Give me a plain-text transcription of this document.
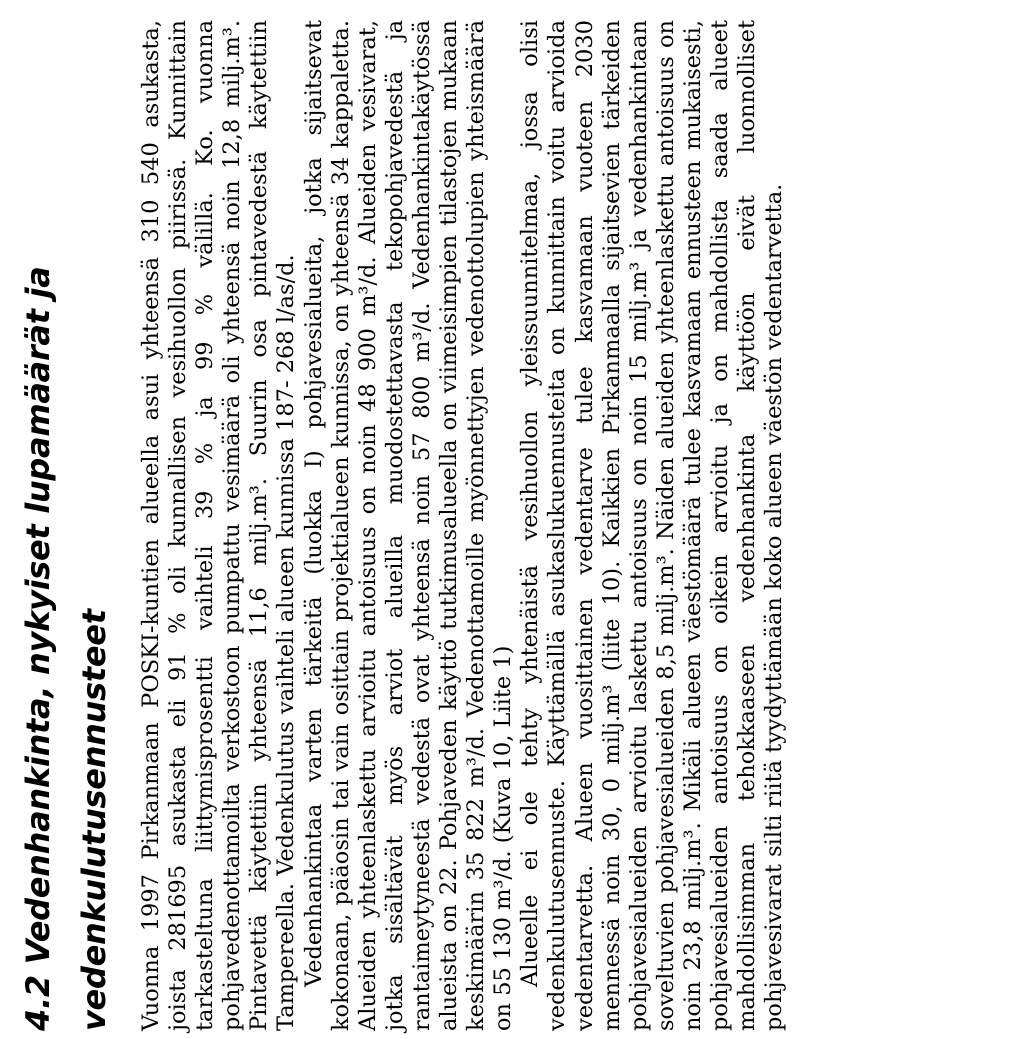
4.2 Vedenhankinta, nykyiset lupamäärät ja vedenkulutusennusteet	Vuonna 1997 Pirkanmaan POSKI-kuntien alueella asui yhteensä 310 540 asukasta, joista 281695 asukasta eli 91 % oli kunnallisen vesihuollon piirissä. Kunnittain tarkasteltuna liittymisprosentti vaihteli 39 % ja 99 % välillä. Ko. vuonna pohjavedenottamoilta verkostoon pumpattu vesimäärä oli yhteensä noin 12,8 milj.m³. Pintavettä käytettiin yhteensä 11,6 milj.m³. Suurin osa pintavedestä käytettiin Tampereella. Vedenkulutus vaihteli alueen kunnissa 187- 268 l/as/d. Vedenhankintaa varten tärkeitä (luokka I) pohjavesialueita, jotka sijaitsevat kokonaan, pääosin tai vain osittain projektialueen kunnissa, on yhteensä 34 kappaletta. Alueiden yhteenlaskettu arvioitu antoisuus on noin 48 900 m³/d. Alueiden vesivarat, jotka sisältävät myös arviot alueilla muodostettavasta tekopohjavedestä ja rantaimeytyneestä vedestä ovat yhteensä noin 57 800 m³/d. Vedenhankintakäytössä alueista on 22. Pohjaveden käyttö tutkimusalueella on viimeisimpien tilastojen mukaan keskimäärin 35 822 m³/d. Vedenottamoille myönnettyjen vedenottolupien yhteismäärä on 55 130 m³/d. (Kuva 10, Liite 1) Alueelle ei ole tehty yhtenäistä vesihuollon yleissuunnitelmaa, jossa olisi vedenkulutusennuste. Käyttämällä asukaslukuennusteita on kunnittain voitu arvioida vedentarvetta. Alueen vuosittainen vedentarve tulee kasvamaan vuoteen 2030 mennessä noin 30, 0 milj.m³ (liite 10). Kaikkien Pirkanmaalla sijaitsevien tärkeiden pohjavesialueiden arvioitu laskettu antoisuus on noin 15 milj.m³ ja vedenhankintaan soveltuvien pohjavesialueiden 8,5 milj.m³. Näiden alueiden yhteenlaskettu antoisuus on noin 23,8 milj.m³. Mikäli alueen väestömäärä tulee kasvamaan ennusteen mukaisesti, pohjavesialueiden antoisuus on oikein arvioitu ja on mahdollista saada alueet mahdollisimman tehokkaaseen vedenhankinta käyttöön eivät luonnolliset pohjavesivarat silti riitä tyydyttämään koko alueen väestön vedentarvetta.
